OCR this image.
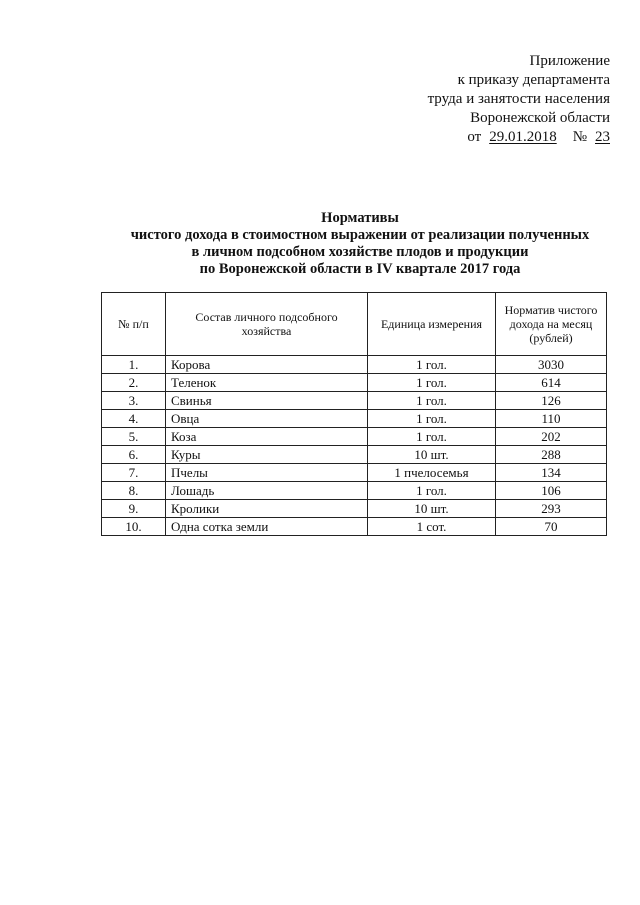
Приложение
к приказу департамента
труда и занятости населения
Воронежской области
от 29.01.2018 № 23
Нормативы
чистого дохода в стоимостном выражении от реализации полученных
в личном подсобном хозяйстве плодов и продукции
по Воронежской области в IV квартале 2017 года
№ п/п	Состав личного подсобного хозяйства	Единица измерения	Норматив чистого дохода на месяц (рублей)
1.	Корова	1 гол.	3030
2.	Теленок	1 гол.	614
3.	Свинья	1 гол.	126
4.	Овца	1 гол.	110
5.	Коза	1 гол.	202
6.	Куры	10 шт.	288
7.	Пчелы	1 пчелосемья	134
8.	Лошадь	1 гол.	106
9.	Кролики	10 шт.	293
10.	Одна сотка земли	1 сот.	70
